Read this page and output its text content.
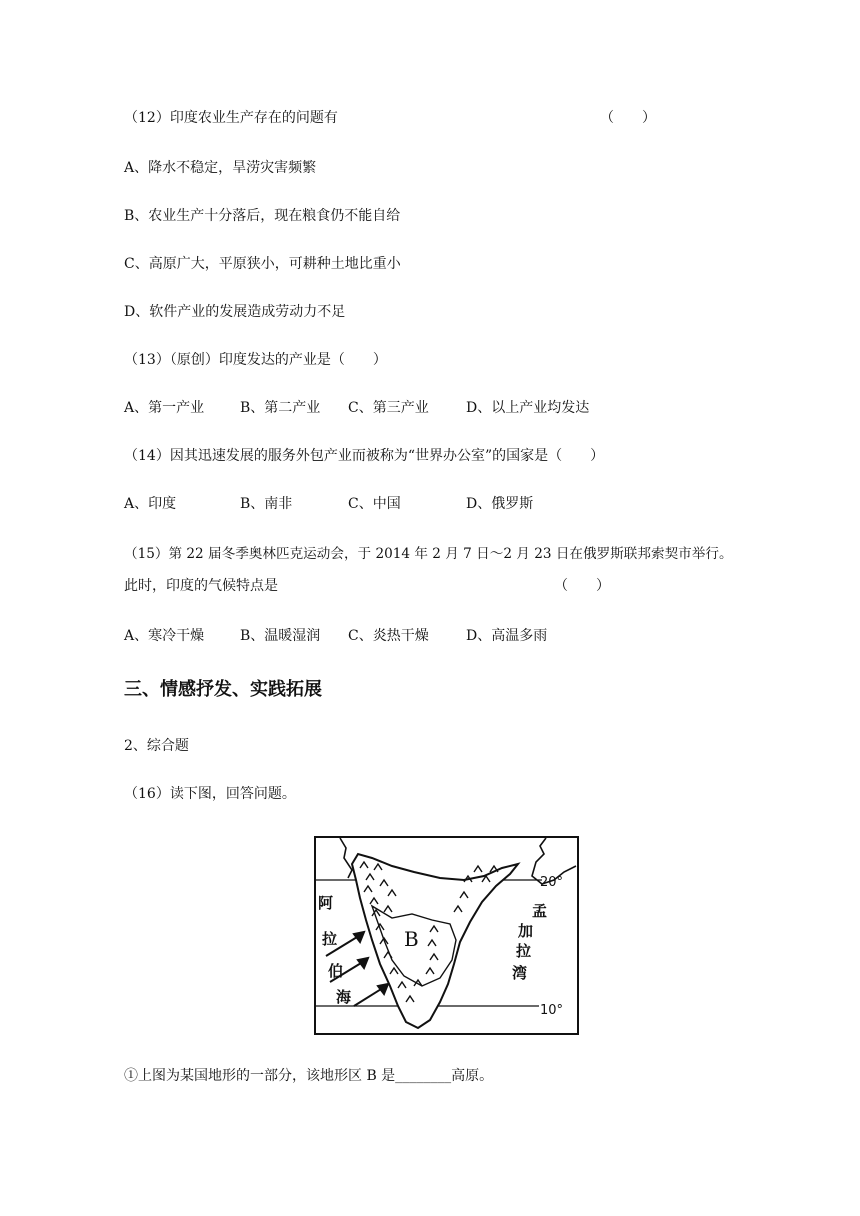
（12）印度农业生产存在的问题有	（　　）
A、降水不稳定，旱涝灾害频繁
B、农业生产十分落后，现在粮食仍不能自给
C、高原广大，平原狭小，可耕种土地比重小
D、软件产业的发展造成劳动力不足
（13）（原创）印度发达的产业是（　　）
A、第一产业	B、第二产业 C、第三产业	D、以上产业均发达
（14）因其迅速发展的服务外包产业而被称为“世界办公室”的国家是（　　）
A、印度	B、南非	C、中国	D、俄罗斯
（15）第 22 届冬季奥林匹克运动会，于 2014 年 2 月 7 日～2 月 23 日在俄罗斯联邦索契市举行。
此时，印度的气候特点是	（　　）
A、寒冷干燥	B、温暖湿润 C、炎热干燥	D、高温多雨
三、情感抒发、实践拓展
2、综合题
（16）读下图，回答问题。
阿
拉
伯
海
孟
加
拉
湾
B
20°
10°
①上图为某国地形的一部分，该地形区 B 是________高原。
